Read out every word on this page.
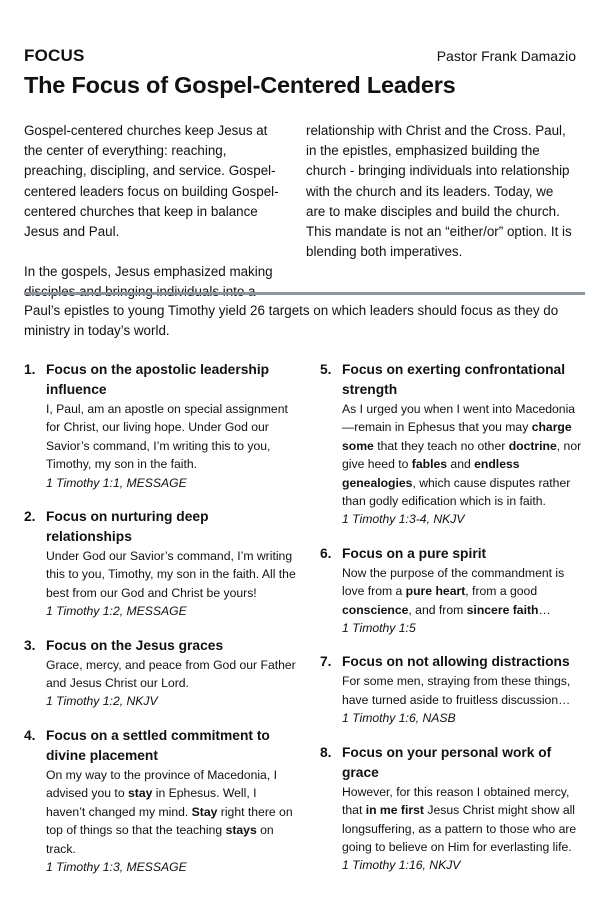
FOCUS	Pastor Frank Damazio
The Focus of Gospel-Centered Leaders

Gospel-centered churches keep Jesus at the center of everything: reaching, preaching, discipling, and service. Gospel-centered leaders focus on building Gospel-centered churches that keep in balance Jesus and Paul.

In the gospels, Jesus emphasized making

relationship with Christ and the Cross. Paul, in the epistles, emphasized building the church - bringing individuals into relationship with the church and its leaders. Today, we are to make disciples and build the church. This mandate is not an “either/or” option. It is blending both imperatives.

Paul’s epistles to young Timothy yield 26 targets on which leaders should focus as they do ministry in today’s world.

1. Focus on the apostolic leadership influence
I, Paul, am an apostle on special assignment for Christ, our living hope. Under God our Savior’s command, I’m writing this to you, Timothy, my son in the faith.
1 Timothy 1:1, MESSAGE
2. Focus on nurturing deep relationships
Under God our Savior’s command, I’m writing this to you, Timothy, my son in the faith. All the best from our God and Christ be yours!
1 Timothy 1:2, MESSAGE
3. Focus on the Jesus graces
Grace, mercy, and peace from God our Father and Jesus Christ our Lord.
1 Timothy 1:2, NKJV
4. Focus on a settled commitment to divine placement
On my way to the province of Macedonia, I advised you to stay in Ephesus. Well, I haven’t changed my mind. Stay right there on top of things so that the teaching stays on track.
1 Timothy 1:3, MESSAGE
5. Focus on exerting confrontational strength
As I urged you when I went into Macedonia—remain in Ephesus that you may charge some that they teach no other doctrine, nor give heed to fables and endless genealogies, which cause disputes rather than godly edification which is in faith.
1 Timothy 1:3-4, NKJV
6. Focus on a pure spirit
Now the purpose of the commandment is love from a pure heart, from a good conscience, and from sincere faith…
1 Timothy 1:5
7. Focus on not allowing distractions
For some men, straying from these things, have turned aside to fruitless discussion…
1 Timothy 1:6, NASB
8. Focus on your personal work of grace
However, for this reason I obtained mercy, that in me first Jesus Christ might show all longsuffering, as a pattern to those who are going to believe on Him for everlasting life.
1 Timothy 1:16, NKJV
